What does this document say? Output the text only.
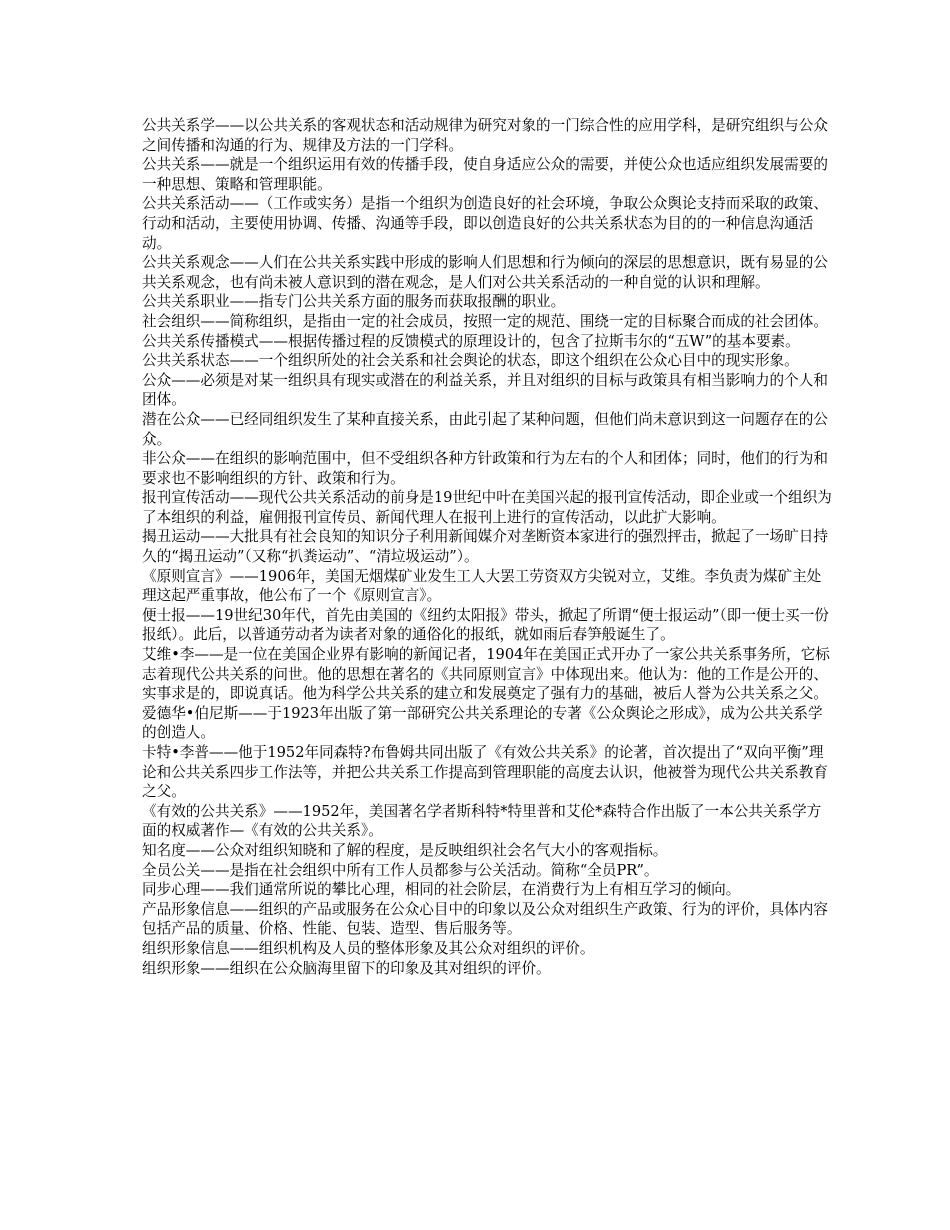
公共关系学——以公共关系的客观状态和活动规律为研究对象的一门综合性的应用学科，是研究组织与公众之间传播和沟通的行为、规律及方法的一门学科。

公共关系——就是一个组织运用有效的传播手段，使自身适应公众的需要，并使公众也适应组织发展需要的一种思想、策略和管理职能。

公共关系活动——（工作或实务）是指一个组织为创造良好的社会环境，争取公众舆论支持而采取的政策、行动和活动，主要使用协调、传播、沟通等手段，即以创造良好的公共关系状态为目的的一种信息沟通活动。

公共关系观念——人们在公共关系实践中形成的影响人们思想和行为倾向的深层的思想意识，既有易显的公共关系观念，也有尚未被人意识到的潜在观念，是人们对公共关系活动的一种自觉的认识和理解。

公共关系职业——指专门公共关系方面的服务而获取报酬的职业。

社会组织——简称组织，是指由一定的社会成员，按照一定的规范、围绕一定的目标聚合而成的社会团体。

公共关系传播模式——根据传播过程的反馈模式的原理设计的，包含了拉斯韦尔的“五W”的基本要素。

公共关系状态——一个组织所处的社会关系和社会舆论的状态，即这个组织在公众心目中的现实形象。

公众——必须是对某一组织具有现实或潜在的利益关系，并且对组织的目标与政策具有相当影响力的个人和团体。

潜在公众——已经同组织发生了某种直接关系，由此引起了某种问题，但他们尚未意识到这一问题存在的公众。

非公众——在组织的影响范围中，但不受组织各种方针政策和行为左右的个人和团体；同时，他们的行为和要求也不影响组织的方针、政策和行为。

报刊宣传活动——现代公共关系活动的前身是19世纪中叶在美国兴起的报刊宣传活动，即企业或一个组织为了本组织的利益，雇佣报刊宣传员、新闻代理人在报刊上进行的宣传活动，以此扩大影响。

揭丑运动——大批具有社会良知的知识分子利用新闻媒介对垄断资本家进行的强烈抨击，掀起了一场旷日持久的“揭丑运动”（又称“扒粪运动”、“清垃圾运动”）。

《原则宣言》——1906年，美国无烟煤矿业发生工人大罢工劳资双方尖锐对立，艾维。李负责为煤矿主处理这起严重事故，他公布了一个《原则宣言》。

便士报——19世纪30年代，首先由美国的《纽约太阳报》带头，掀起了所谓“便士报运动”（即一便士买一份报纸）。此后，以普通劳动者为读者对象的通俗化的报纸，就如雨后春笋般诞生了。

艾维•李——是一位在美国企业界有影响的新闻记者，1904年在美国正式开办了一家公共关系事务所，它标志着现代公共关系的问世。他的思想在著名的《共同原则宣言》中体现出来。他认为：他的工作是公开的、实事求是的，即说真话。他为科学公共关系的建立和发展奠定了强有力的基础，被后人誉为公共关系之父。

爱德华•伯尼斯——于1923年出版了第一部研究公共关系理论的专著《公众舆论之形成》，成为公共关系学的创造人。

卡特•李普——他于1952年同森特?布鲁姆共同出版了《有效公共关系》的论著，首次提出了“双向平衡”理论和公共关系四步工作法等，并把公共关系工作提高到管理职能的高度去认识，他被誉为现代公共关系教育之父。

《有效的公共关系》——1952年，美国著名学者斯科特*特里普和艾伦*森特合作出版了一本公共关系学方面的权威著作—《有效的公共关系》。

知名度——公众对组织知晓和了解的程度，是反映组织社会名气大小的客观指标。

全员公关——是指在社会组织中所有工作人员都参与公关活动。简称“全员PR”。

同步心理——我们通常所说的攀比心理，相同的社会阶层，在消费行为上有相互学习的倾向。

产品形象信息——组织的产品或服务在公众心目中的印象以及公众对组织生产政策、行为的评价，具体内容包括产品的质量、价格、性能、包装、造型、售后服务等。

组织形象信息——组织机构及人员的整体形象及其公众对组织的评价。

组织形象——组织在公众脑海里留下的印象及其对组织的评价。
